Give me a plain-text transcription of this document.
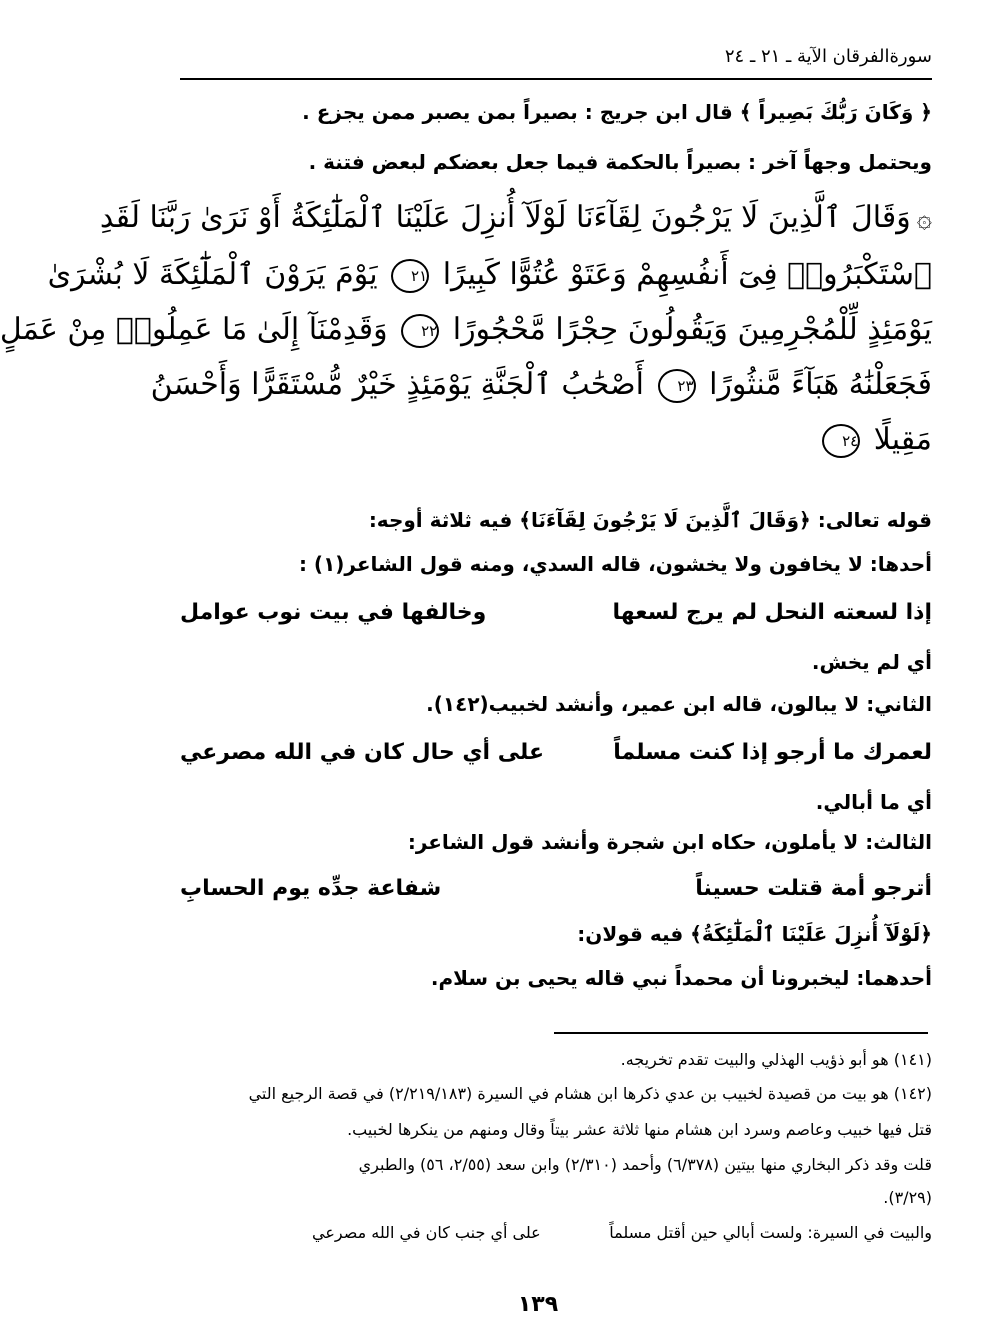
سورة‌الفرقان الآية ـ ٢١ ـ ٢٤
﴿ وَكَانَ رَبُّكَ بَصِيراً ﴾ قال ابن جريج : بصيراً بمن يصبر ممن يجزع .
ويحتمل وجهاً آخر : بصيراً بالحكمة فيما جعل بعضكم لبعض فتنة .
۞وَقَالَ ٱلَّذِينَ لَا يَرْجُونَ لِقَآءَنَا لَوْلَآ أُنزِلَ عَلَيْنَا ٱلْمَلَٰٓئِكَةُ أَوْ نَرَىٰ رَبَّنَا لَقَدِ
ٱسْتَكْبَرُوا۟ فِىٓ أَنفُسِهِمْ وَعَتَوْ عُتُوًّا كَبِيرًا ٢١ يَوْمَ يَرَوْنَ ٱلْمَلَٰٓئِكَةَ لَا بُشْرَىٰ
يَوْمَئِذٍ لِّلْمُجْرِمِينَ وَيَقُولُونَ حِجْرًا مَّحْجُورًا ٢٢ وَقَدِمْنَآ إِلَىٰ مَا عَمِلُوا۟ مِنْ عَمَلٍ
فَجَعَلْنَٰهُ هَبَآءً مَّنثُورًا ٢٣ أَصْحَٰبُ ٱلْجَنَّةِ يَوْمَئِذٍ خَيْرٌ مُّسْتَقَرًّا وَأَحْسَنُ
مَقِيلًا ٢٤
قوله تعالى: ﴿وَقَالَ ٱلَّذِينَ لَا يَرْجُونَ لِقَآءَنَا﴾ فيه ثلاثة أوجه:
أحدها: لا يخافون ولا يخشون، قاله السدي، ومنه قول الشاعر(١) :
إذا لسعته النحل لم يرج لسعها
وخالفها في بيت نوب عوامل
أي لم يخش.
الثاني: لا يبالون، قاله ابن عمير، وأنشد لخبيب(١٤٢).
لعمرك ما أرجو إذا كنت مسلماً
على أي حال كان في الله مصرعي
أي ما أبالي.
الثالث: لا يأملون، حكاه ابن شجرة وأنشد قول الشاعر:
أترجو أمة قتلت حسيناً
شفاعة جدِّه يوم الحسابِ
﴿لَوْلَآ أُنزِلَ عَلَيْنَا ٱلْمَلَٰٓئِكَةُ﴾ فيه قولان:
أحدهما: ليخبرونا أن محمداً نبي قاله يحيى بن سلام.
(١٤١) هو أبو ذؤيب الهذلي والبيت تقدم تخريجه.
(١٤٢) هو بيت من قصيدة لخبيب بن عدي ذكرها ابن هشام في السيرة (٢/٢١٩/١٨٣) في قصة الرجيع التي
قتل فيها خبيب وعاصم وسرد ابن هشام منها ثلاثة عشر بيتاً وقال ومنهم من ينكرها لخبيب.
قلت وقد ذكر البخاري منها بيتين (٦/٣٧٨) وأحمد (٢/٣١٠) وابن سعد (٢/٥٥، ٥٦) والطبري
(٣/٢٩).
والبيت في السيرة: ولست أبالي حين أقتل مسلماً
على أي جنب كان في الله مصرعي
١٣٩
